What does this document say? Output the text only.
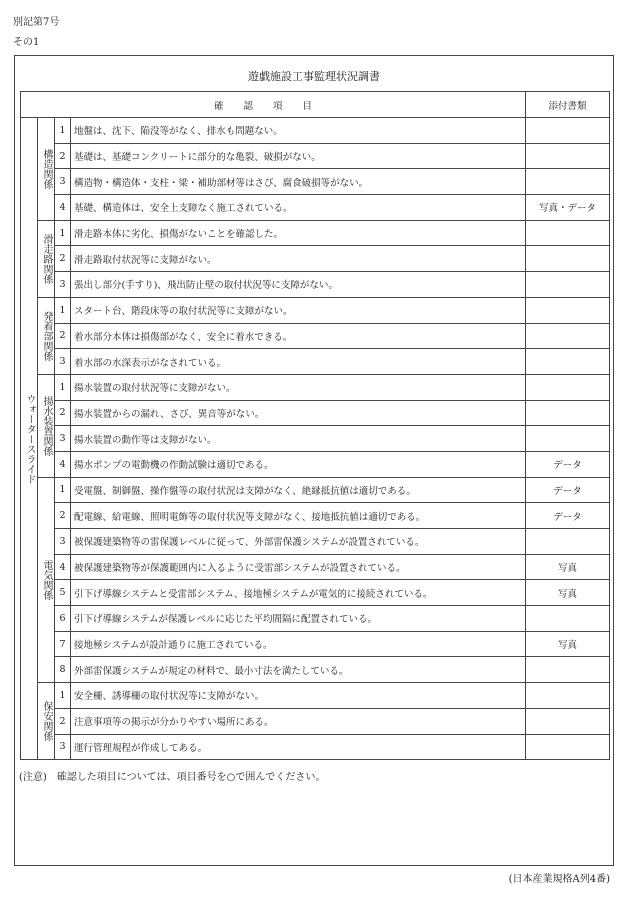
別記第7号
その1
遊戯施設工事監理状況調書
確認項目				添付書類
ウォータースライド	構造関係	1	地盤は、沈下、陥没等がなく、排水も問題ない。	
		2	基礎は、基礎コンクリートに部分的な亀裂、破損がない。	
		3	構造物・構造体・支柱・梁・補助部材等はさび、腐食破損等がない。	
		4	基礎、構造体は、安全上支障なく施工されている。	写真・データ
	滑走路関係	1	滑走路本体に劣化、損傷がないことを確認した。	
		2	滑走路取付状況等に支障がない。	
		3	張出し部分(手すり)、飛出防止壁の取付状況等に支障がない。	
	発着部関係	1	スタート台、階段床等の取付状況等に支障がない。	
		2	着水部分本体は損傷部がなく、安全に着水できる。	
		3	着水部の水深表示がなされている。	
	揚水装置関係	1	揚水装置の取付状況等に支障がない。	
		2	揚水装置からの漏れ、さび、異音等がない。	
		3	揚水装置の動作等は支障がない。	
		4	揚水ポンプの電動機の作動試験は適切である。	データ
	電気関係	1	受電盤、制御盤、操作盤等の取付状況は支障がなく、絶縁抵抗値は適切である。	データ
		2	配電線、給電線、照明電飾等の取付状況等支障がなく、接地抵抗値は適切である。	データ
		3	被保護建築物等の雷保護レベルに従って、外部雷保護システムが設置されている。	
		4	被保護建築物等が保護範囲内に入るように受雷部システムが設置されている。	写真
		5	引下げ導線システムと受雷部システム、接地極システムが電気的に接続されている。	写真
		6	引下げ導線システムが保護レベルに応じた平均間隔に配置されている。	
		7	接地極システムが設計通りに施工されている。	写真
		8	外部雷保護システムが規定の材料で、最小寸法を満たしている。	
	保安関係	1	安全柵、誘導柵の取付状況等に支障がない。	
		2	注意事項等の掲示が分かりやすい場所にある。	
		3	運行管理規程が作成してある。	
(注意)　確認した項目については、項目番号を○で囲んでください。
(日本産業規格A列4番)
